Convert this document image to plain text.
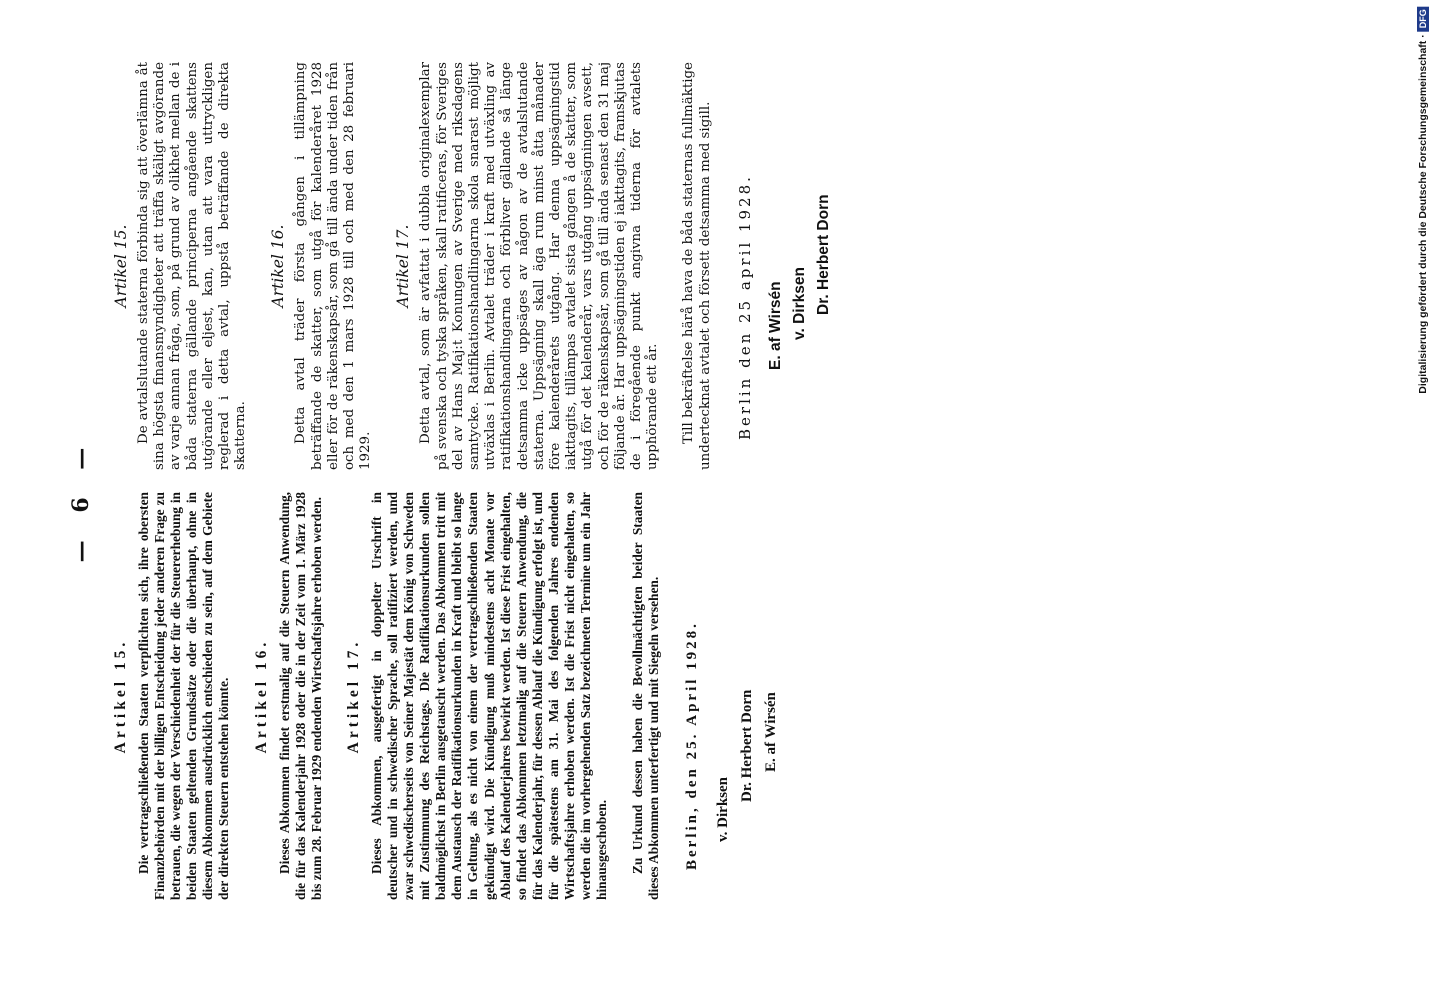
— 6 —
Artikel 15. Die vertragschließenden Staaten verpflichten sich, ihre obersten Finanzbehörden mit der billigen Entscheidung jeder anderen Frage zu betrauen, die wegen der Verschiedenheit der für die Steuererhebung in beiden Staaten geltenden Grundsätze oder die überhaupt, ohne in diesem Abkommen ausdrücklich entschieden zu sein, auf dem Gebiete der direkten Steuern entstehen könnte. Artikel 16. Dieses Abkommen findet erstmalig auf die Steuern Anwendung, die für das Kalenderjahr 1928 oder die in der Zeit vom 1. März 1928 bis zum 28. Februar 1929 endenden Wirtschaftsjahre erhoben werden. Artikel 17. Dieses Abkommen, ausgefertigt in doppelter Urschrift in deutscher und in schwedischer Sprache, soll ratifiziert werden, und zwar schwedischerseits von Seiner Majestät dem König von Schweden mit Zustimmung des Reichstags. Die Ratifikationsurkunden sollen baldmöglichst in Berlin ausgetauscht werden. Das Abkommen tritt mit dem Austausch der Ratifikationsurkunden in Kraft und bleibt so lange in Geltung, als es nicht von einem der vertragschließenden Staaten gekündigt wird. Die Kündigung muß mindestens acht Monate vor Ablauf des Kalenderjahres bewirkt werden. Ist diese Frist eingehalten, so findet das Abkommen letztmalig auf die Steuern Anwendung, die für das Kalenderjahr, für dessen Ablauf die Kündigung erfolgt ist, und für die spätestens am 31. Mai des folgenden Jahres endenden Wirtschaftsjahre erhoben werden. Ist die Frist nicht eingehalten, so werden die im vorhergehenden Satz bezeichneten Termine um ein Jahr hinausgeschoben. Zu Urkund dessen haben die Bevollmächtigten beider Staaten dieses Abkommen unterfertigt und mit Siegeln versehen. Berlin, den 25. April 1928. v. Dirksen
Dr. Herbert Dorn E. af Wirsén
Artikel 15. De avtalslutande staterna förbinda sig att överlämna åt sina högsta finansmyndigheter att träffa skäligt avgörande av varje annan fråga, som, på grund av olikhet mellan de i båda staterna gällande principerna angående skattens utgörande eller eljest, kan, utan att vara uttryckligen reglerad i detta avtal, uppstå beträffande de direkta skatterna.
Artikel 16. Detta avtal träder första gången i tillämpning beträffande de skatter, som utgå för kalenderåret 1928 eller för de räkenskapsår, som gå till ända under tiden från och med den 1 mars 1928 till och med den 28 februari 1929.
Artikel 17. Detta avtal, som är avfattat i dubbla originalexemplar på svenska och tyska språken, skall ratificeras, för Sveriges del av Hans Maj:t Konungen av Sverige med riksdagens samtycke. Ratifikationshandlingarna skola snarast möjligt utväxlas i Berlin. Avtalet träder i kraft med utväxling av ratifikationshandlingarna och förbliver gällande så länge detsamma icke uppsäges av någon av de avtalslutande staterna. Uppsägning skall äga rum minst åtta månader före kalenderårets utgång. Har denna uppsägningstid iakttagits, tillämpas avtalet sista gången å de skatter, som utgå för det kalenderår, vars utgång uppsägningen avsett, och för de räkenskapsår, som gå till ända senast den 31 maj följande år. Har uppsägningstiden ej iakttagits, framskjutas de i föregående punkt angivna tiderna för avtalets upphörande ett år. Till bekräftelse härå hava de båda staternas fullmäktige undertecknat avtalet och försett detsamma med sigill. Berlin den 25 april 1928. E. af Wirsén v. Dirksen Dr. Herbert Dorn	Digitalisierung gefördert durch die Deutsche Forschungsgemeinschaft ·DFG
